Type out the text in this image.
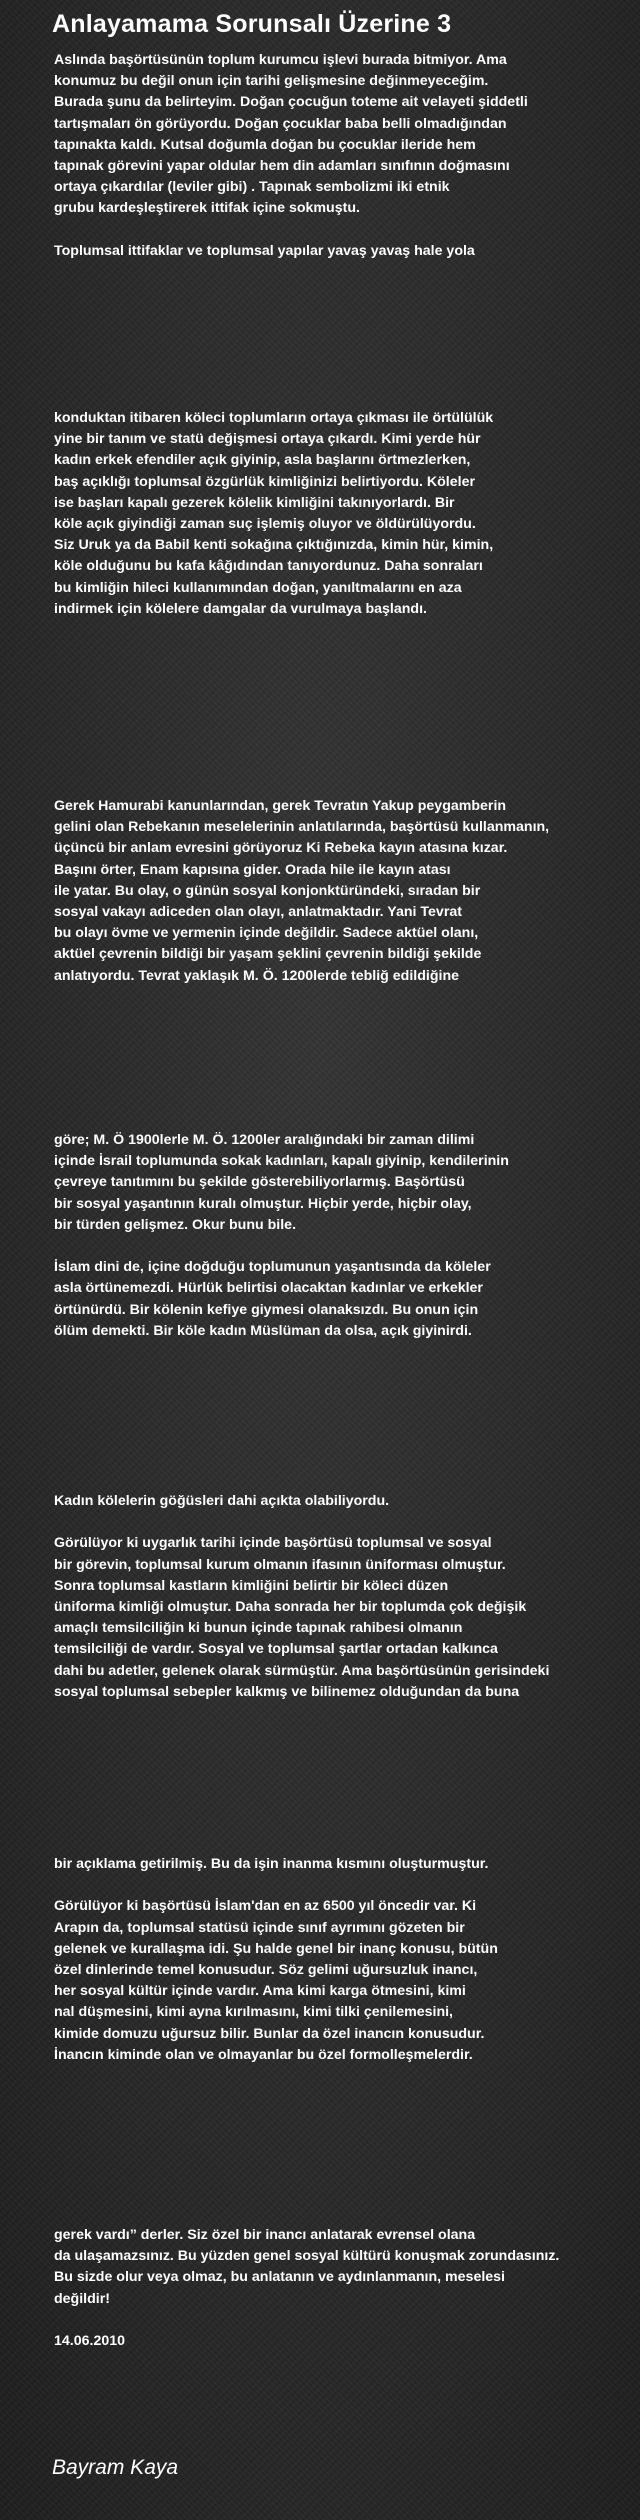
Anlayamama Sorunsalı Üzerine 3
Aslında başörtüsünün toplum kurumcu işlevi burada bitmiyor. Ama
konumuz bu değil onun için tarihi gelişmesine değinmeyeceğim.
Burada şunu da belirteyim. Doğan çocuğun toteme ait velayeti şiddetli
tartışmaları ön görüyordu. Doğan çocuklar baba belli olmadığından
tapınakta kaldı. Kutsal doğumla doğan bu çocuklar ileride hem
tapınak görevini yapar oldular hem din adamları sınıfının doğmasını
ortaya çıkardılar (leviler gibi) . Tapınak sembolizmi iki etnik
grubu kardeşleştirerek ittifak içine sokmuştu.
Toplumsal ittifaklar ve toplumsal yapılar yavaş yavaş hale yola
konduktan itibaren köleci toplumların ortaya çıkması ile örtülülük
yine bir tanım ve statü değişmesi ortaya çıkardı. Kimi yerde hür
kadın erkek efendiler açık giyinip, asla başlarını örtmezlerken,
baş açıklığı toplumsal özgürlük kimliğinizi belirtiyordu. Köleler
ise başları kapalı gezerek kölelik kimliğini takınıyorlardı. Bir
köle açık giyindiği zaman suç işlemiş oluyor ve öldürülüyordu.
Siz Uruk ya da Babil kenti sokağına çıktığınızda, kimin hür, kimin,
köle olduğunu bu kafa kâğıdından tanıyordunuz. Daha sonraları
bu kimliğin hileci kullanımından doğan, yanıltmalarını en aza
indirmek için kölelere damgalar da vurulmaya başlandı.
Gerek Hamurabi kanunlarından, gerek Tevratın Yakup peygamberin
gelini olan Rebekanın meselelerinin anlatılarında, başörtüsü kullanmanın,
üçüncü bir anlam evresini görüyoruz Ki Rebeka kayın atasına kızar.
Başını örter, Enam kapısına gider. Orada hile ile kayın atası
ile yatar. Bu olay, o günün sosyal konjonktüründeki, sıradan bir
sosyal vakayı adiceden olan olayı, anlatmaktadır. Yani Tevrat
bu olayı övme ve yermenin içinde değildir. Sadece aktüel olanı,
aktüel çevrenin bildiği bir yaşam şeklini çevrenin bildiği şekilde
anlatıyordu. Tevrat yaklaşık M. Ö. 1200lerde tebliğ edildiğine
göre; M. Ö 1900lerle M. Ö. 1200ler aralığındaki bir zaman dilimi
içinde İsrail toplumunda sokak kadınları, kapalı giyinip, kendilerinin
çevreye tanıtımını bu şekilde gösterebiliyorlarmış. Başörtüsü
bir sosyal yaşantının kuralı olmuştur. Hiçbir yerde, hiçbir olay,
bir türden gelişmez. Okur bunu bile.
İslam dini de, içine doğduğu toplumunun yaşantısında da köleler
asla örtünemezdi. Hürlük belirtisi olacaktan kadınlar ve erkekler
örtünürdü. Bir kölenin kefiye giymesi olanaksızdı. Bu onun için
ölüm demekti. Bir köle kadın Müslüman da olsa, açık giyinirdi.
Kadın kölelerin göğüsleri dahi açıkta olabiliyordu.
Görülüyor ki uygarlık tarihi içinde başörtüsü toplumsal ve sosyal
bir görevin, toplumsal kurum olmanın ifasının üniforması olmuştur.
Sonra toplumsal kastların kimliğini belirtir bir köleci düzen
üniforma kimliği olmuştur. Daha sonrada her bir toplumda çok değişik
amaçlı temsilciliğin ki bunun içinde tapınak rahibesi olmanın
temsilciliği de vardır. Sosyal ve toplumsal şartlar ortadan kalkınca
dahi bu adetler, gelenek olarak sürmüştür. Ama başörtüsünün gerisindeki
sosyal toplumsal sebepler kalkmış ve bilinemez olduğundan da buna
bir açıklama getirilmiş. Bu da işin inanma kısmını oluşturmuştur.
Görülüyor ki başörtüsü İslam'dan en az 6500 yıl öncedir var. Ki
Arapın da, toplumsal statüsü içinde sınıf ayrımını gözeten bir
gelenek ve kurallaşma idi. Şu halde genel bir inanç konusu, bütün
özel dinlerinde temel konusudur. Söz gelimi uğursuzluk inancı,
her sosyal kültür içinde vardır. Ama kimi karga ötmesini, kimi
nal düşmesini, kimi ayna kırılmasını, kimi tilki çenilemesini,
kimide domuzu uğursuz bilir. Bunlar da özel inancın konusudur.
İnancın kiminde olan ve olmayanlar bu özel formolleşmelerdir.
gerek vardı” derler. Siz özel bir inancı anlatarak evrensel olana
da ulaşamazsınız. Bu yüzden genel sosyal kültürü konuşmak zorundasınız.
Bu sizde olur veya olmaz, bu anlatanın ve aydınlanmanın, meselesi
değildir!
14.06.2010
Bayram Kaya
